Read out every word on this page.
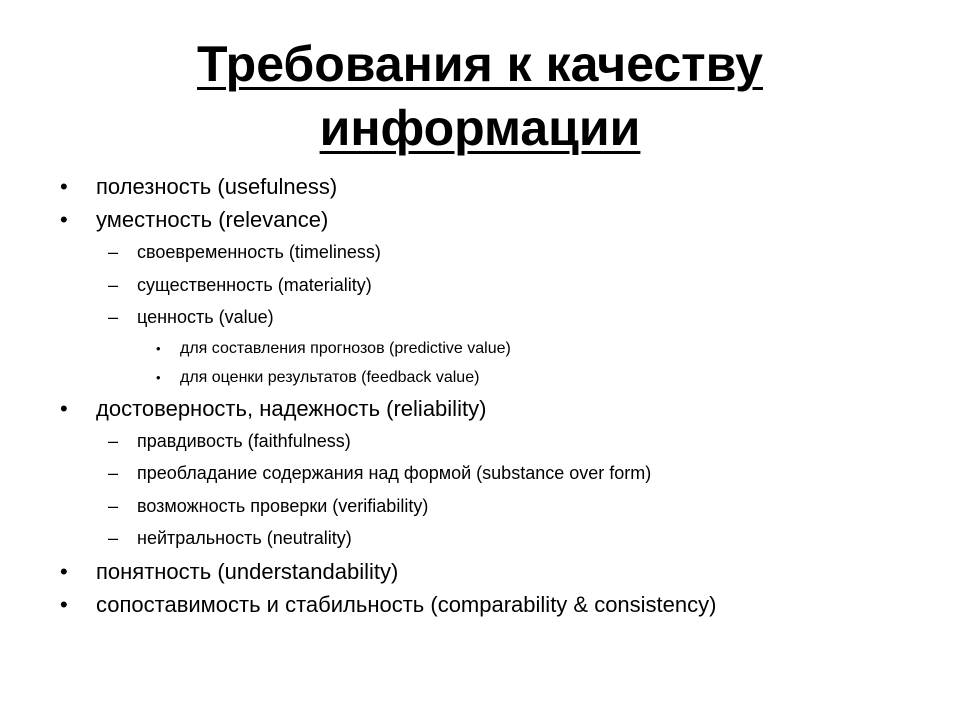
Требования к качеству
информации
• полезность (usefulness)
• уместность (relevance)
– своевременность (timeliness)
– существенность (materiality)
– ценность (value)
• для составления прогнозов (predictive value)
• для оценки результатов (feedback value)
• достоверность, надежность (reliability)
– правдивость (faithfulness)
– преобладание содержания над формой (substance over form)
– возможность проверки (verifiability)
– нейтральность (neutrality)
• понятность (understandability)
• сопоставимость и стабильность (comparability & consistency)
